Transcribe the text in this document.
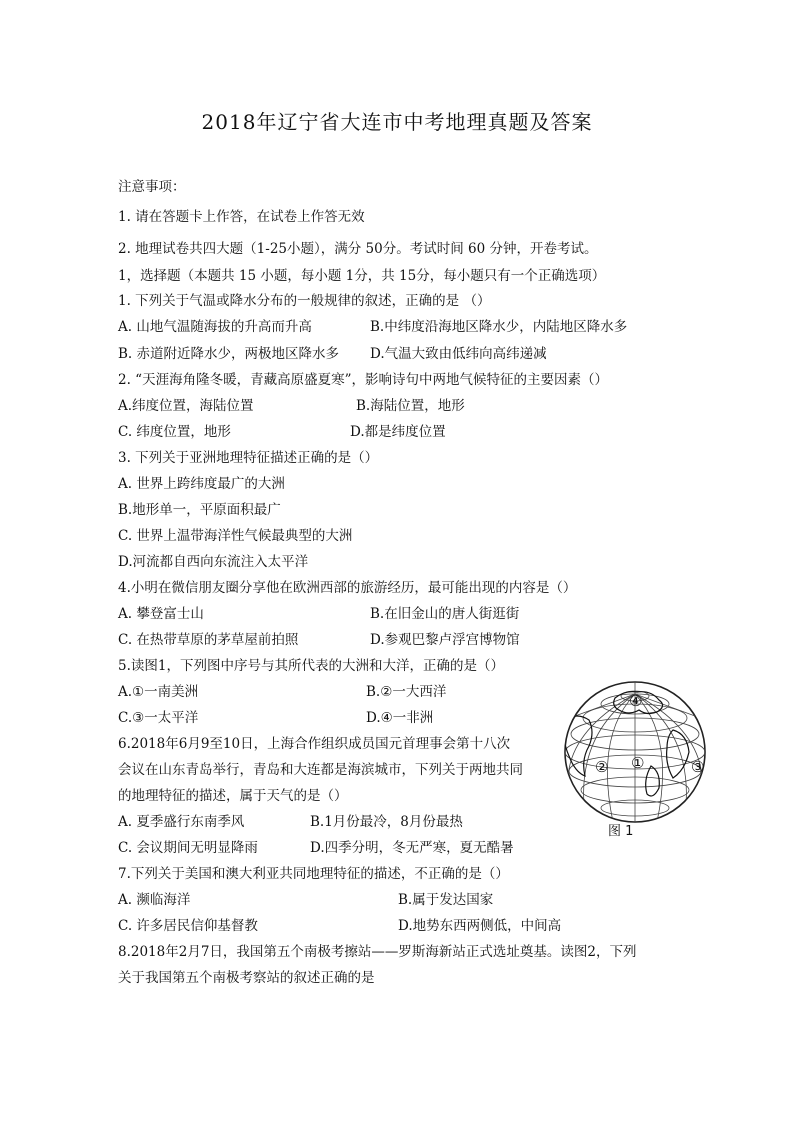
2018年辽宁省大连市中考地理真题及答案
注意事项：
1. 请在答题卡上作答，在试卷上作答无效
2. 地理试卷共四大题（1-25小题），满分 50分。考试时间 60 分钟，开卷考试。
1，选择题（本题共 15 小题，每小题 1分，共 15分，每小题只有一个正确选项）
1. 下列关于气温或降水分布的一般规律的叙述，正确的是 （）
A. 山地气温随海拔的升高而升高	B.中纬度沿海地区降水少，内陆地区降水多
B. 赤道附近降水少，两极地区降水多 D.气温大致由低纬向高纬递减
2. “天涯海角隆冬暖，青藏高原盛夏寒”，影响诗句中两地气候特征的主要因素（）
A.纬度位置，海陆位置	B.海陆位置，地形
C. 纬度位置，地形	D.都是纬度位置
3. 下列关于亚洲地理特征描述正确的是（）
A. 世界上跨纬度最广的大洲
B.地形单一，平原面积最广
C. 世界上温带海洋性气候最典型的大洲
D.河流都自西向东流注入太平洋
4.小明在微信朋友圈分享他在欧洲西部的旅游经历，最可能出现的内容是（）
A. 攀登富士山	B.在旧金山的唐人街逛街
C. 在热带草原的茅草屋前拍照	D.参观巴黎卢浮宫博物馆
5.读图1，下列图中序号与其所代表的大洲和大洋，正确的是（）
A.①一南美洲	B.②一大西洋
C.③一太平洋	D.④一非洲
6.2018年6月9至10日，上海合作组织成员国元首理事会第十八次
会议在山东青岛举行，青岛和大连都是海滨城市，下列关于两地共同
的地理特征的描述，属于天气的是（）
A. 夏季盛行东南季风	B.1月份最冷，8月份最热
C. 会议期间无明显降雨	D.四季分明，冬无严寒，夏无酷暑
7.下列关于美国和澳大利亚共同地理特征的描述，不正确的是（）
A. 濒临海洋	B.属于发达国家
C. 许多居民信仰基督教	D.地势东西两侧低，中间高
8.2018年2月7日，我国第五个南极考擦站——罗斯海新站正式选址奠基。读图2，下列
关于我国第五个南极考察站的叙述正确的是
④
①
②	③
图 1
